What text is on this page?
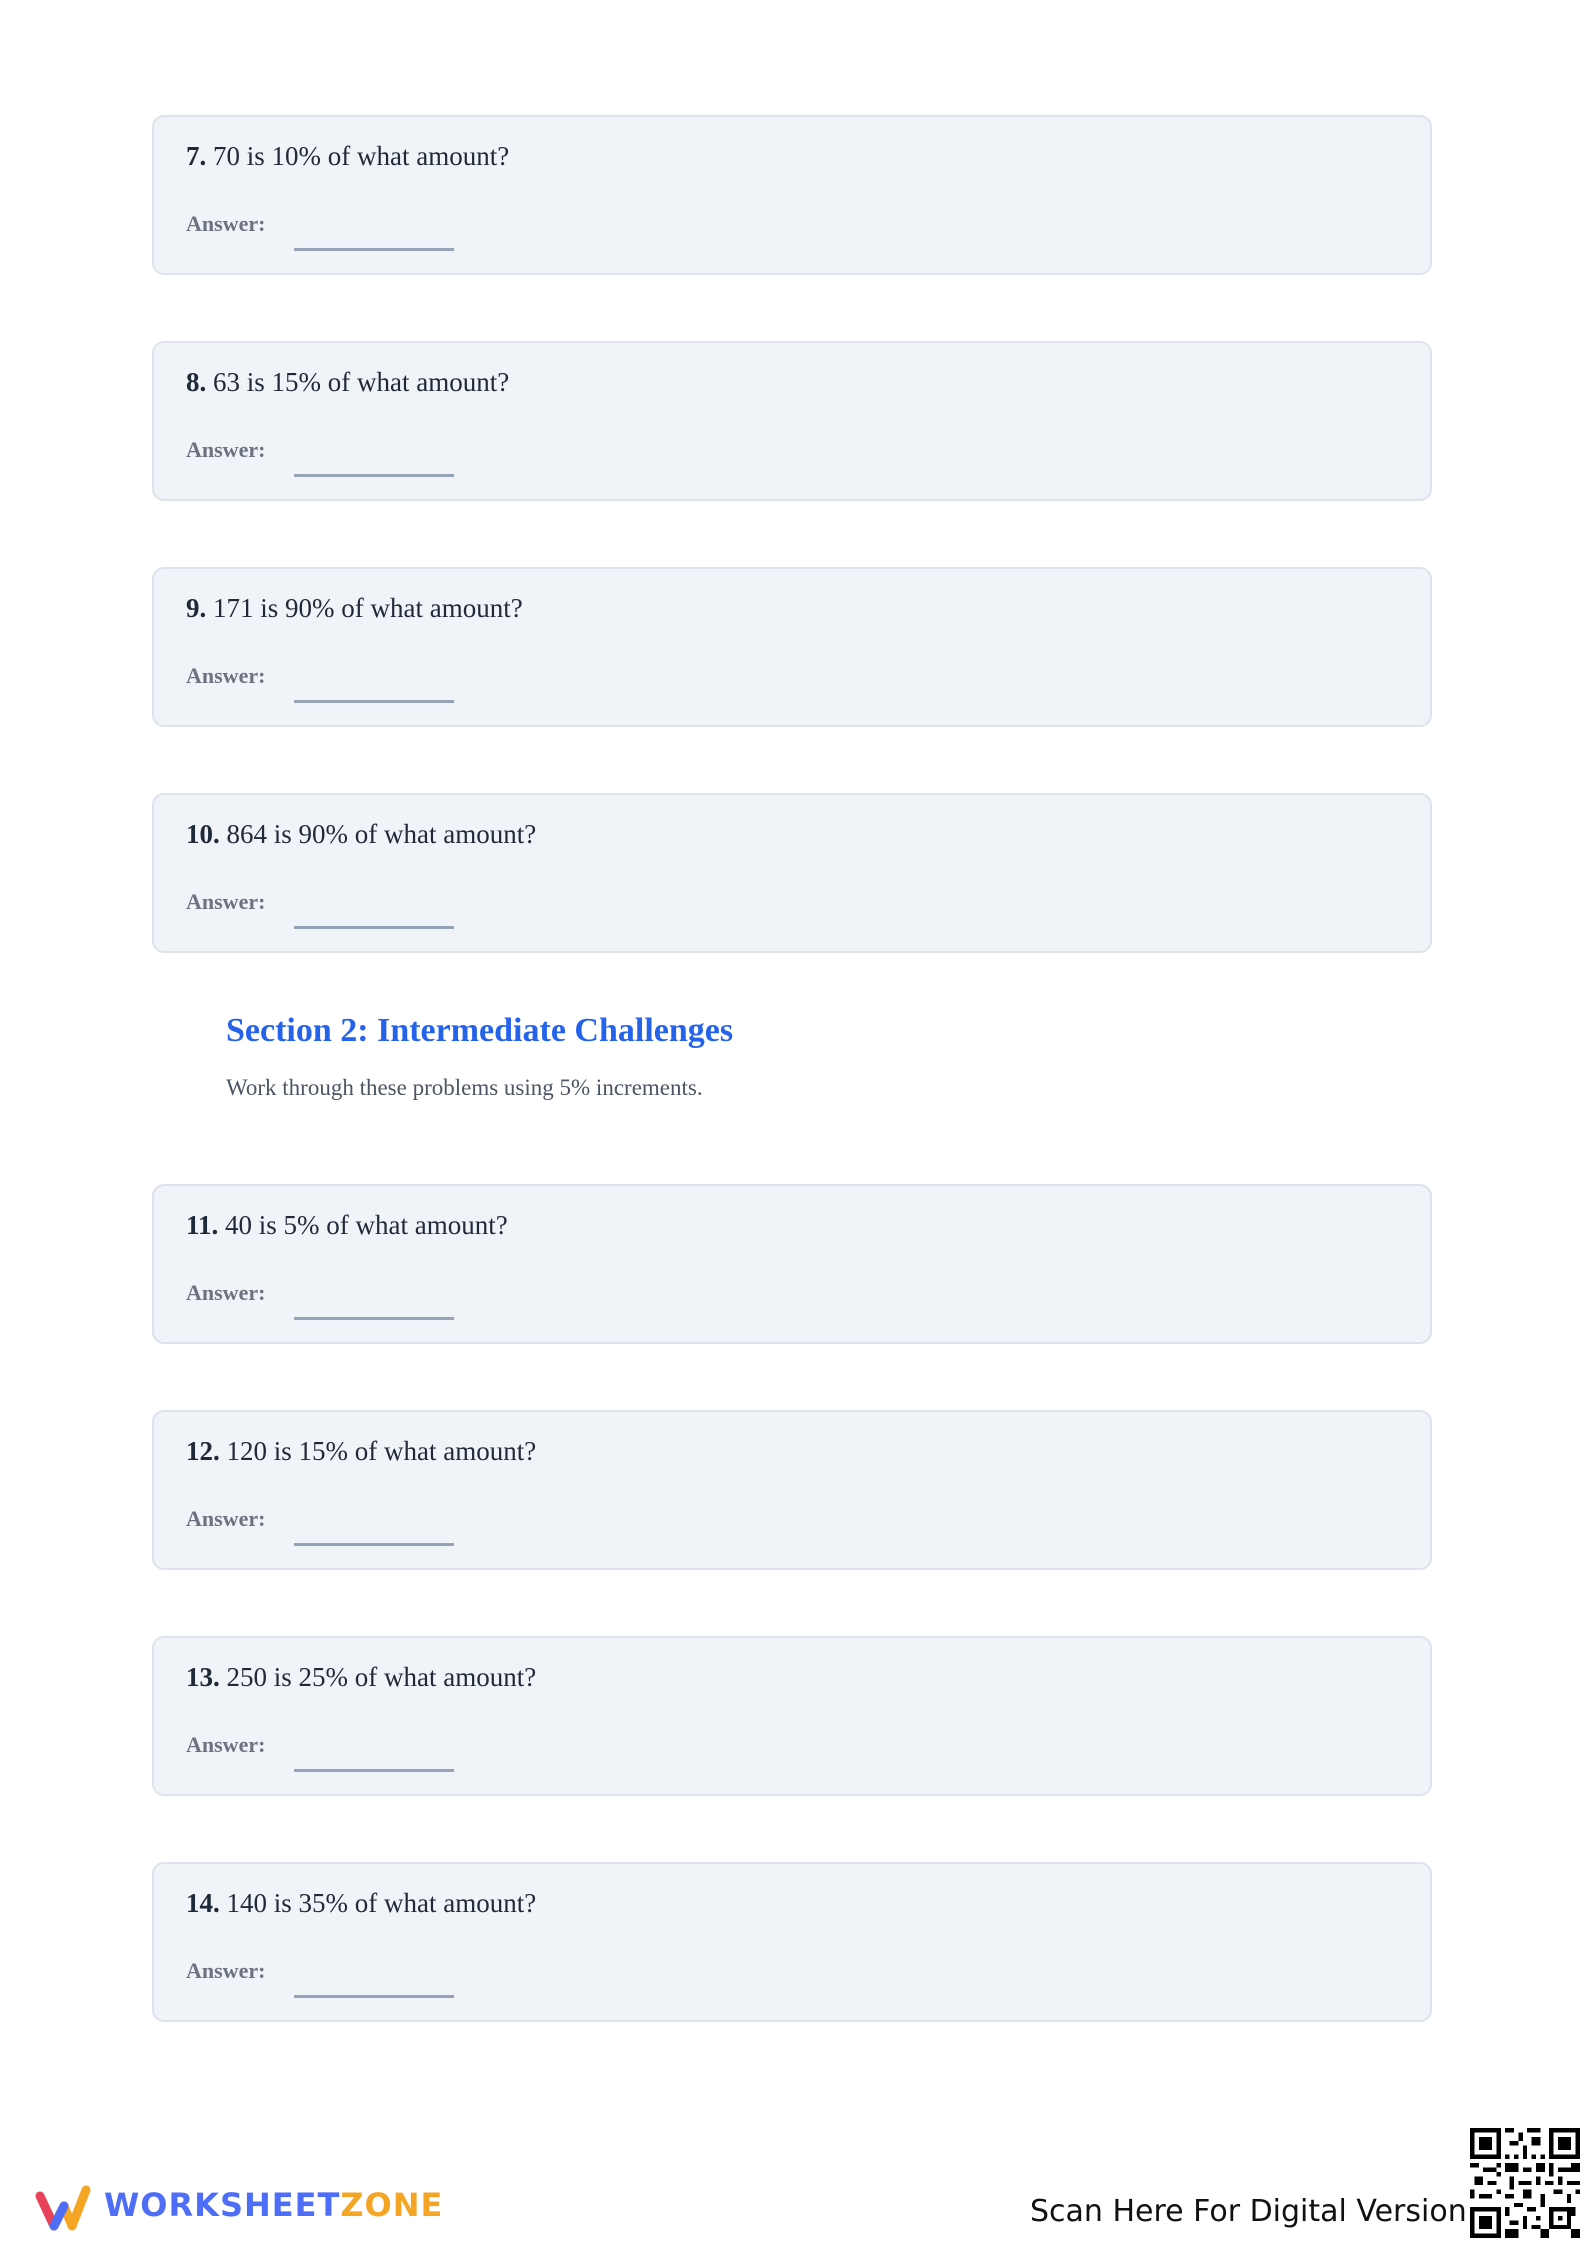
7. 70 is 10% of what amount?
Answer:
8. 63 is 15% of what amount?
Answer:
9. 171 is 90% of what amount?
Answer:
10. 864 is 90% of what amount?
Answer:
Section 2: Intermediate Challenges

Work through these problems using 5% increments.

11. 40 is 5% of what amount?
Answer:
12. 120 is 15% of what amount?
Answer:
13. 250 is 25% of what amount?
Answer:
14. 140 is 35% of what amount?
Answer:
WORKSHEETZONE	Scan Here For Digital Version
